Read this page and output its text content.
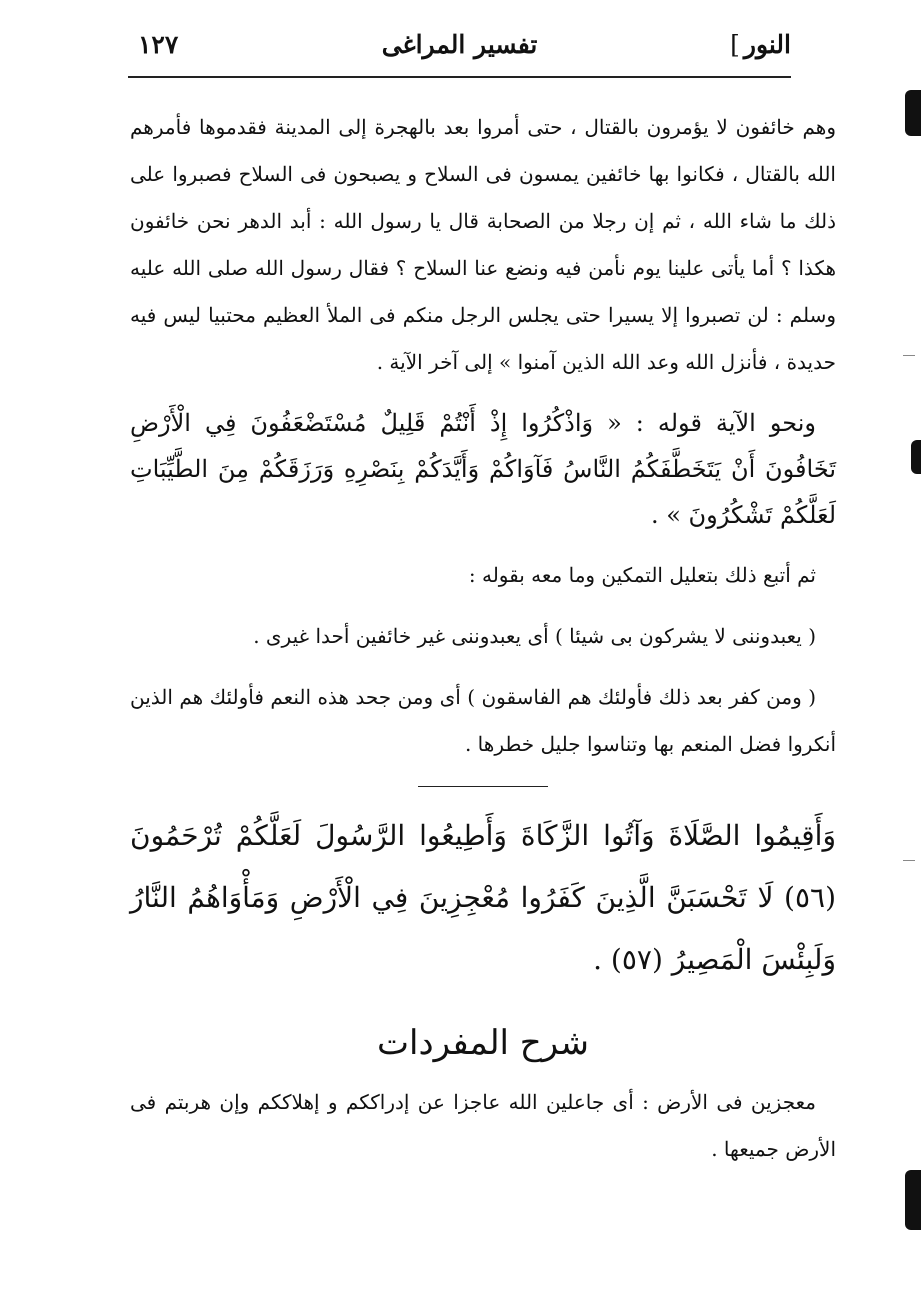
النور]
تفسير المراغى
١٢٧

وهم خائفون لا يؤمرون بالقتال ، حتى أمروا بعد بالهجرة إلى المدينة فقدموها فأمرهم الله بالقتال ، فكانوا بها خائفين يمسون فى السلاح و يصبحون فى السلاح فصبروا على ذلك ما شاء الله ، ثم إن رجلا من الصحابة قال يا رسول الله : أبد الدهر نحن خائفون هكذا ؟ أما يأتى علينا يوم نأمن فيه ونضع عنا السلاح ؟ فقال رسول الله صلى الله عليه وسلم : لن تصبروا إلا يسيرا حتى يجلس الرجل منكم فى الملأ العظيم محتبيا ليس فيه حديدة ، فأنزل الله وعد الله الذين آمنوا » إلى آخر الآية .

ونحو الآية قوله : « وَاذْكُرُوا إِذْ أَنْتُمْ قَلِيلٌ مُسْتَضْعَفُونَ فِي الْأَرْضِ تَخَافُونَ أَنْ يَتَخَطَّفَكُمُ النَّاسُ فَآوَاكُمْ وَأَيَّدَكُمْ بِنَصْرِهِ وَرَزَقَكُمْ مِنَ الطَّيِّبَاتِ لَعَلَّكُمْ تَشْكُرُونَ » .

ثم أتبع ذلك بتعليل التمكين وما معه بقوله :

( يعبدوننى لا يشركون بى شيئا ) أى يعبدوننى غير خائفين أحدا غيرى .

( ومن كفر بعد ذلك فأولئك هم الفاسقون ) أى ومن جحد هذه النعم فأولئك هم الذين أنكروا فضل المنعم بها وتناسوا جليل خطرها .

وَأَقِيمُوا الصَّلَاةَ وَآتُوا الزَّكَاةَ وَأَطِيعُوا الرَّسُولَ لَعَلَّكُمْ تُرْحَمُونَ (٥٦) لَا تَحْسَبَنَّ الَّذِينَ كَفَرُوا مُعْجِزِينَ فِي الْأَرْضِ وَمَأْوَاهُمُ النَّارُ وَلَبِئْسَ الْمَصِيرُ (٥٧) .

شرح المفردات

معجزين فى الأرض : أى جاعلين الله عاجزا عن إدراككم و إهلاككم وإن هربتم فى الأرض جميعها .
